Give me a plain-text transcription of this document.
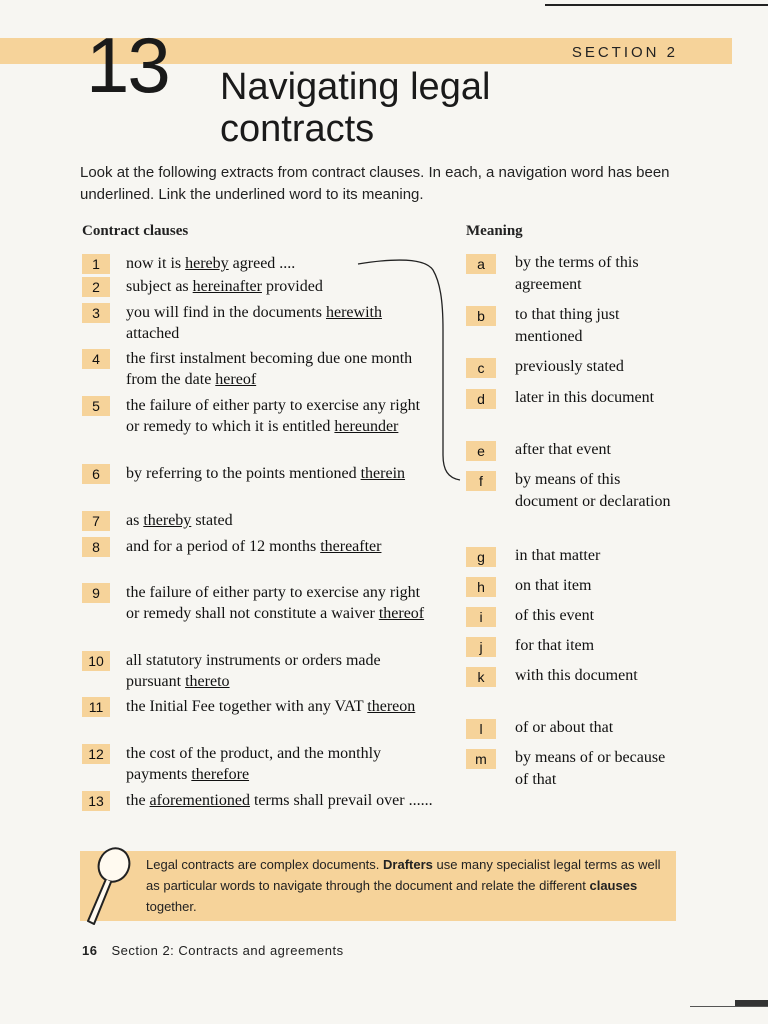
SECTION 2
13 Navigating legal contracts
Look at the following extracts from contract clauses. In each, a navigation word has been underlined. Link the underlined word to its meaning.
Contract clauses	Meaning
1	now it is hereby agreed ....
2	subject as hereinafter provided
3	you will find in the documents herewith attached
4	the first instalment becoming due one month from the date hereof
5	the failure of either party to exercise any right or remedy to which it is entitled hereunder
6	by referring to the points mentioned therein
7	as thereby stated
8	and for a period of 12 months thereafter
9	the failure of either party to exercise any right or remedy shall not constitute a waiver thereof
10	all statutory instruments or orders made pursuant thereto
11	the Initial Fee together with any VAT thereon
12	the cost of the product, and the monthly payments therefore
13	the aforementioned terms shall prevail over ......
a	by the terms of this agreement
b	to that thing just mentioned
c	previously stated
d	later in this document
e	after that event
f	by means of this document or declaration
g	in that matter
h	on that item
i	of this event
j	for that item
k	with this document
l	of or about that
m	by means of or because of that
Legal contracts are complex documents. Drafters use many specialist legal terms as well as particular words to navigate through the document and relate the different clauses together.
16 Section 2: Contracts and agreements
